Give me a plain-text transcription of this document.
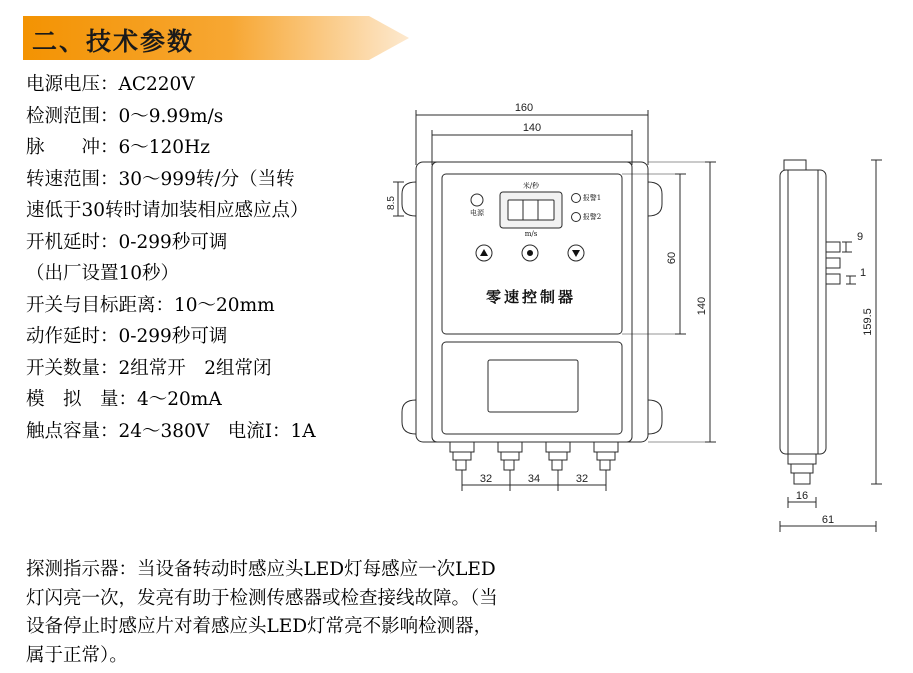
二、技术参数
电源电压：AC220V
检测范围：0～9.99m/s
脉　　冲：6～120Hz
转速范围：30～999转/分（当转
速低于30转时请加装相应感应点）
开机延时：0-299秒可调
（出厂设置10秒）
开关与目标距离：10～20mm
动作延时：0-299秒可调
开关数量：2组常开　2组常闭
模　拟　量：4～20mA
触点容量：24～380V　电流I：1A
探测指示器：当设备转动时感应头LED灯每感应一次LED灯闪亮一次，发亮有助于检测传感器或检查接线故障。（当设备停止时感应片对着感应头LED灯常亮不影响检测器，属于正常）。
160
140
8.5
60
140
32	34	32
159.5
9
1
16
61
米/秒
m/s
电源
报警1
报警2
零速控制器
